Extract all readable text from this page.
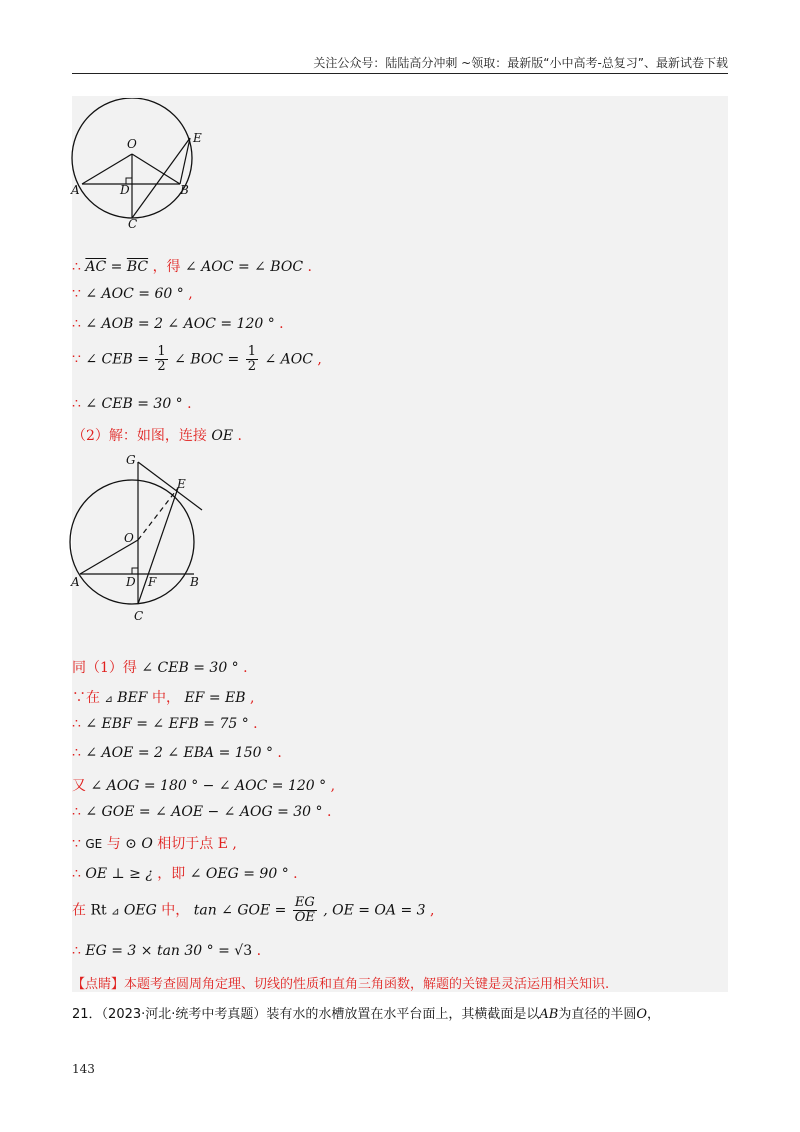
关注公众号：陆陆高分冲刺 ~领取：最新版“小中高考-总复习”、最新试卷下载
O	E
A	D	B
C
∴ $\overline{AC} = \overline{BC}$ ，得 ∠ AOC = ∠ BOC .
∵ ∠ AOC = 60 ° ,
∴ ∠ AOB = 2 ∠ AOC = 120 ° .
∵ ∠ CEB = $\frac{1}{2}$ ∠ BOC = $\frac{1}{2}$ ∠ AOC ,
∴ ∠ CEB = 30 ° .
（2）解：如图，连接 OE .
G
E
O
A	D F	B
C
同（1）得 ∠ CEB = 30 ° .
∵在 ⊿ BEF 中， EF = EB ,
∴ ∠ EBF = ∠ EFB = 75 ° .
∴ ∠ AOE = 2 ∠ EBA = 150 ° .
又 ∠ AOG = 180 ° − ∠ AOC = 120 ° ,
∴ ∠ GOE = ∠ AOE − ∠ AOG = 30 ° .
∵ GE 与 ⊙ O 相切于点 E ,
∴ OE ⊥ ≥ ¿ ，即 ∠ OEG = 90 ° .
在 Rt ⊿ OEG 中， tan ∠ GOE = $\frac{EG}{OE}$ , OE = OA = 3 ,
∴ EG = 3 × tan 30 ° = √3 .
【点睛】本题考查圆周角定理、切线的性质和直角三角函数，解题的关键是灵活运用相关知识.
21．（2023·河北·统考中考真题）装有水的水槽放置在水平台面上，其横截面是以AB为直径的半圆O，
143
